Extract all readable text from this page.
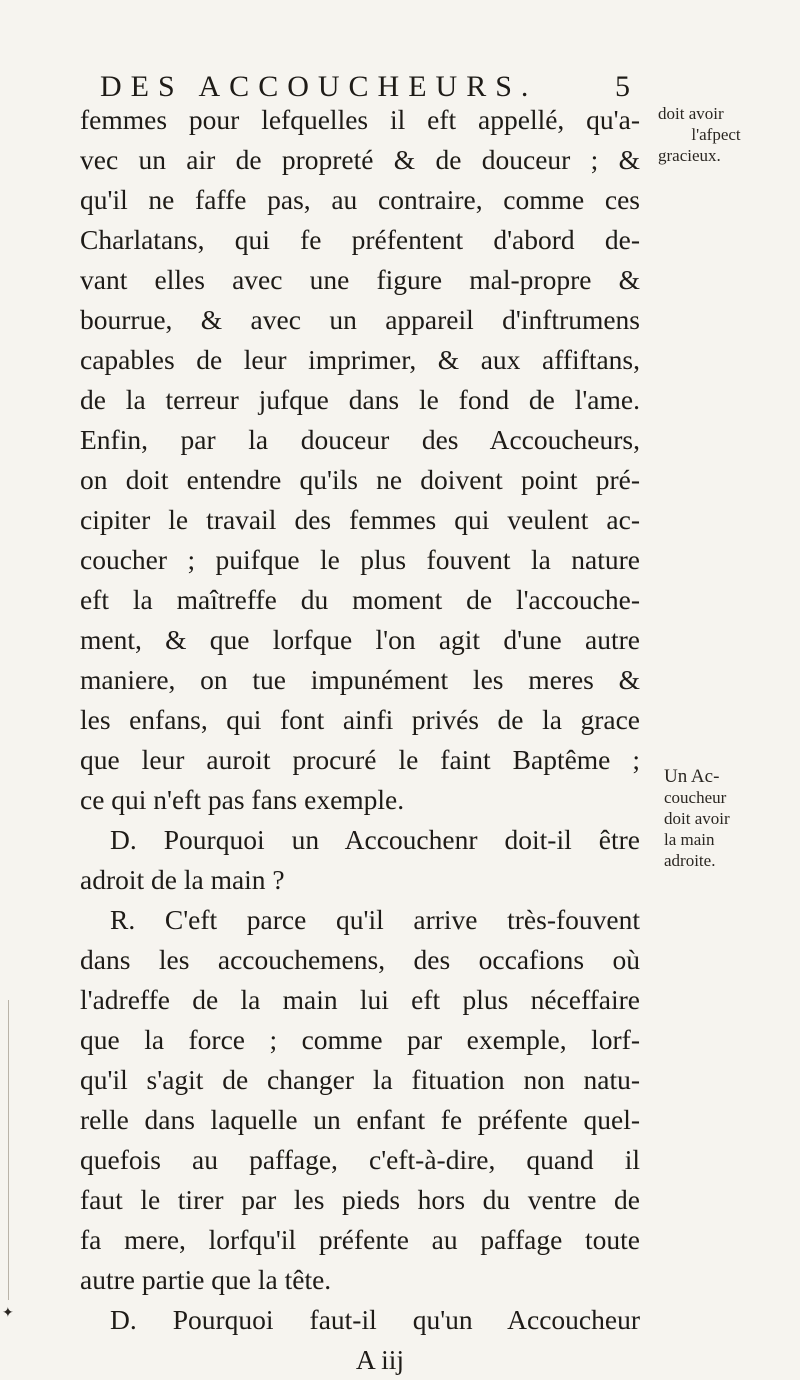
DES ACCOUCHEURS.	5
femmes pour lefquelles il eft appellé, qu'a-
vec un air de propreté & de douceur ; &
qu'il ne faffe pas, au contraire, comme ces
Charlatans, qui fe préfentent d'abord de-
vant elles avec une figure mal-propre &
bourrue, & avec un appareil d'inftrumens
capables de leur imprimer, & aux affiftans,
de la terreur jufque dans le fond de l'ame.
Enfin, par la douceur des Accoucheurs,
on doit entendre qu'ils ne doivent point pré-
cipiter le travail des femmes qui veulent ac-
coucher ; puifque le plus fouvent la nature
eft la maîtreffe du moment de l'accouche-
ment, & que lorfque l'on agit d'une autre
maniere, on tue impunément les meres &
les enfans, qui font ainfi privés de la grace
que leur auroit procuré le faint Baptême ;
ce qui n'eft pas fans exemple.
D. Pourquoi un Accouchenr doit-il être
adroit de la main ?
R. C'eft parce qu'il arrive très-fouvent
dans les accouchemens, des occafions où
l'adreffe de la main lui eft plus néceffaire
que la force ; comme par exemple, lorf-
qu'il s'agit de changer la fituation non natu-
relle dans laquelle un enfant fe préfente quel-
quefois au paffage, c'eft-à-dire, quand il
faut le tirer par les pieds hors du ventre de
fa mere, lorfqu'il préfente au paffage toute
autre partie que la tête.
D. Pourquoi faut-il qu'un Accoucheur
A iij
doit avoir
l'afpect
gracieux.
Un Ac-
coucheur
doit avoir
la main
adroite.
✦
